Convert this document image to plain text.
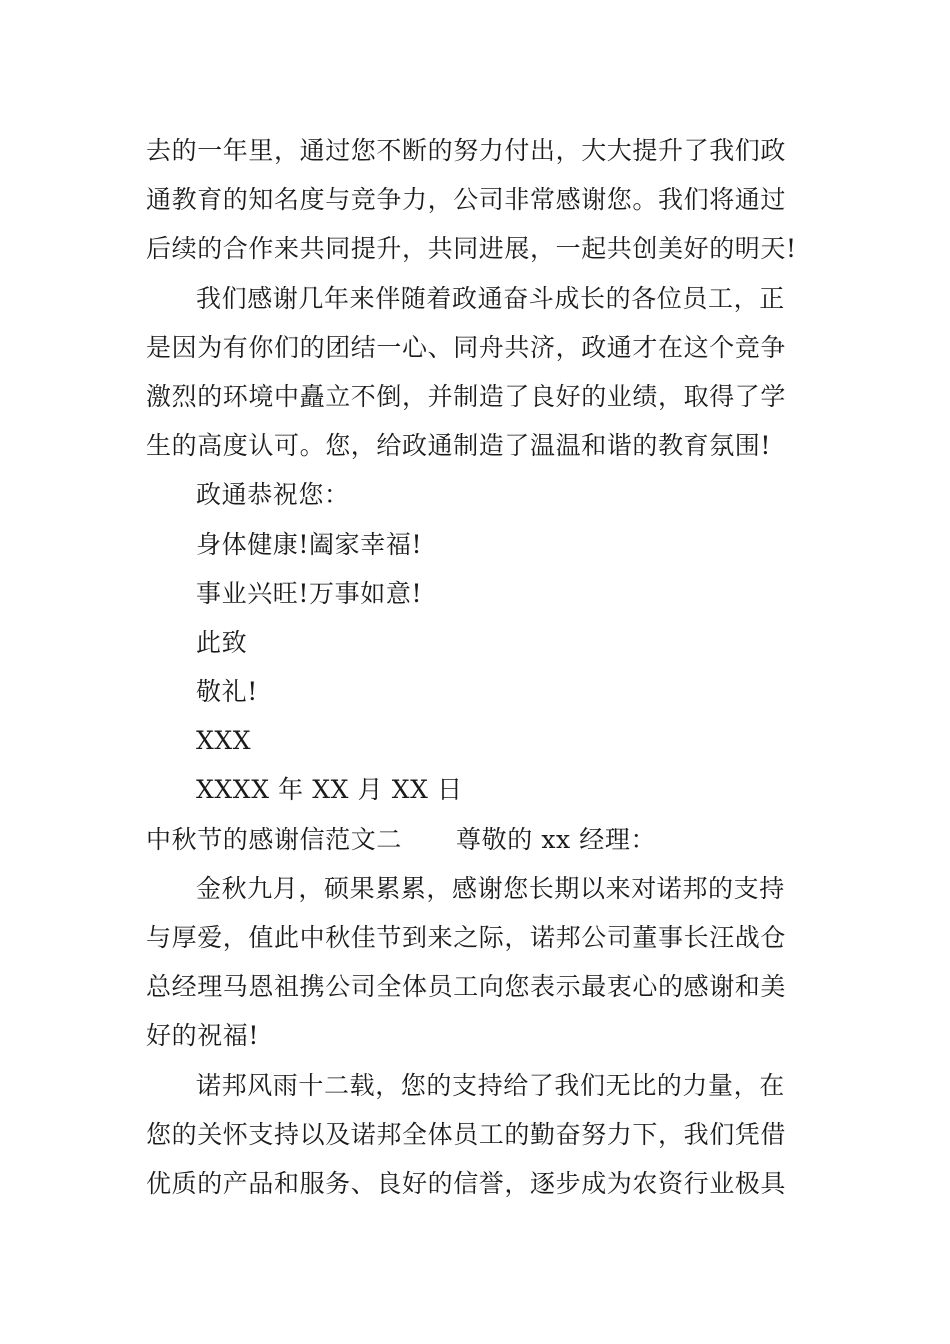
去的一年里，通过您不断的努力付出，大大提升了我们政
通教育的知名度与竞争力，公司非常感谢您。我们将通过
后续的合作来共同提升，共同进展，一起共创美好的明天!
我们感谢几年来伴随着政通奋斗成长的各位员工，正
是因为有你们的团结一心、同舟共济，政通才在这个竞争
激烈的环境中矗立不倒，并制造了良好的业绩，取得了学
生的高度认可。您，给政通制造了温温和谐的教育氛围!
政通恭祝您：
身体健康!阖家幸福!
事业兴旺!万事如意!
此致
敬礼!
XXX
XXXX 年 XX 月 XX 日
中秋节的感谢信范文二 尊敬的 xx 经理：
金秋九月，硕果累累，感谢您长期以来对诺邦的支持
与厚爱，值此中秋佳节到来之际，诺邦公司董事长汪战仓
总经理马恩祖携公司全体员工向您表示最衷心的感谢和美
好的祝福!
诺邦风雨十二载，您的支持给了我们无比的力量，在
您的关怀支持以及诺邦全体员工的勤奋努力下，我们凭借
优质的产品和服务、良好的信誉，逐步成为农资行业极具
